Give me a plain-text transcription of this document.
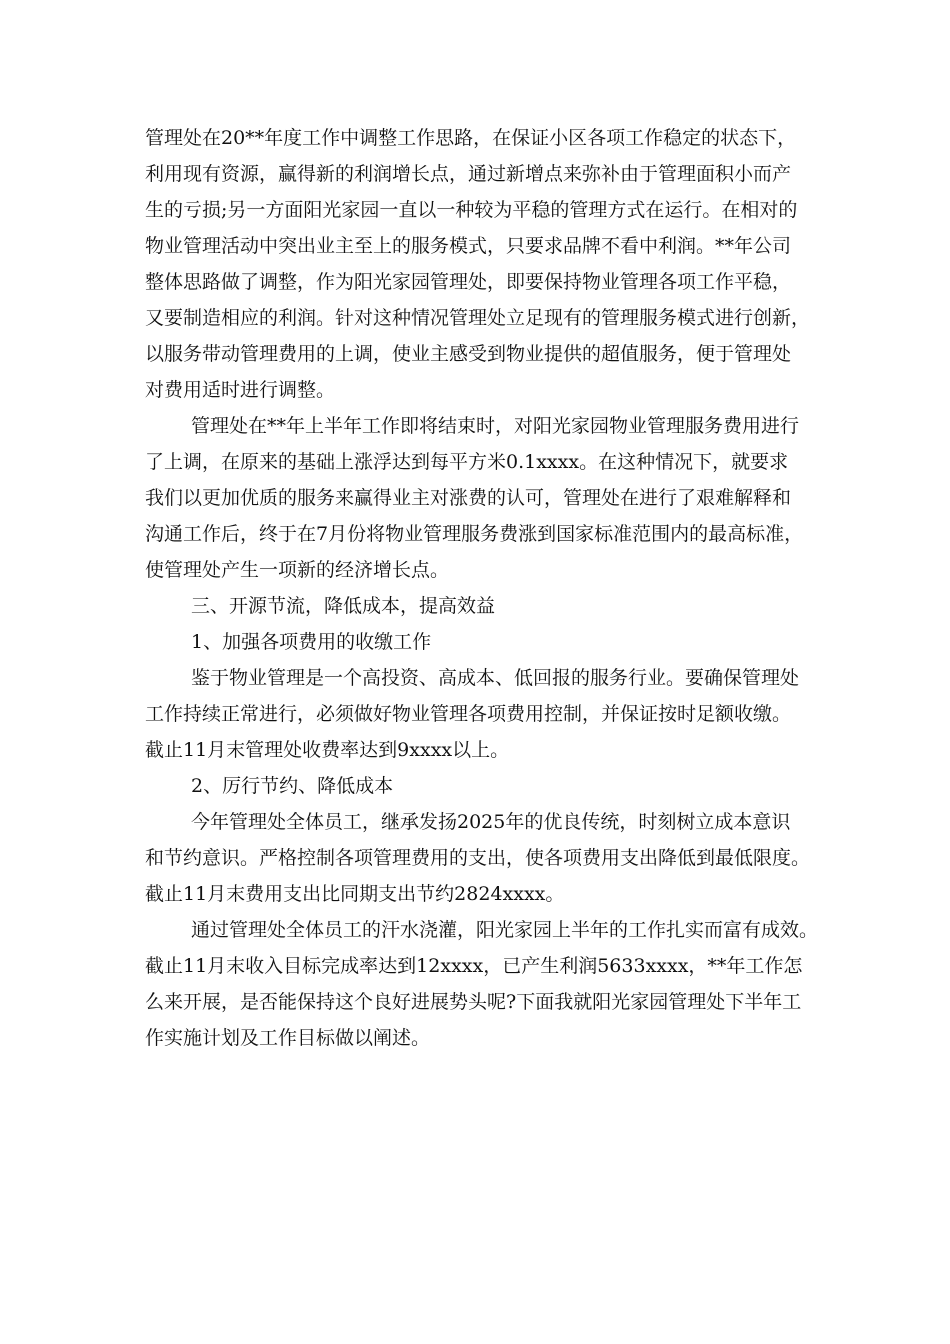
管理处在20**年度工作中调整工作思路，在保证小区各项工作稳定的状态下，
利用现有资源，赢得新的利润增长点，通过新增点来弥补由于管理面积小而产
生的亏损;另一方面阳光家园一直以一种较为平稳的管理方式在运行。在相对的
物业管理活动中突出业主至上的服务模式，只要求品牌不看中利润。**年公司
整体思路做了调整，作为阳光家园管理处，即要保持物业管理各项工作平稳，
又要制造相应的利润。针对这种情况管理处立足现有的管理服务模式进行创新，
以服务带动管理费用的上调，使业主感受到物业提供的超值服务，便于管理处
对费用适时进行调整。
管理处在**年上半年工作即将结束时，对阳光家园物业管理服务费用进行
了上调，在原来的基础上涨浮达到每平方米0.1xxxx。在这种情况下，就要求
我们以更加优质的服务来赢得业主对涨费的认可，管理处在进行了艰难解释和
沟通工作后，终于在7月份将物业管理服务费涨到国家标准范围内的最高标准，
使管理处产生一项新的经济增长点。
三、开源节流，降低成本，提高效益
1、加强各项费用的收缴工作
鉴于物业管理是一个高投资、高成本、低回报的服务行业。要确保管理处
工作持续正常进行，必须做好物业管理各项费用控制，并保证按时足额收缴。
截止11月末管理处收费率达到9xxxx以上。
2、厉行节约、降低成本
今年管理处全体员工，继承发扬2025年的优良传统，时刻树立成本意识
和节约意识。严格控制各项管理费用的支出，使各项费用支出降低到最低限度。
截止11月末费用支出比同期支出节约2824xxxx。
通过管理处全体员工的汗水浇灌，阳光家园上半年的工作扎实而富有成效。
截止11月末收入目标完成率达到12xxxx，已产生利润5633xxxx，**年工作怎
么来开展，是否能保持这个良好进展势头呢?下面我就阳光家园管理处下半年工
作实施计划及工作目标做以阐述。
